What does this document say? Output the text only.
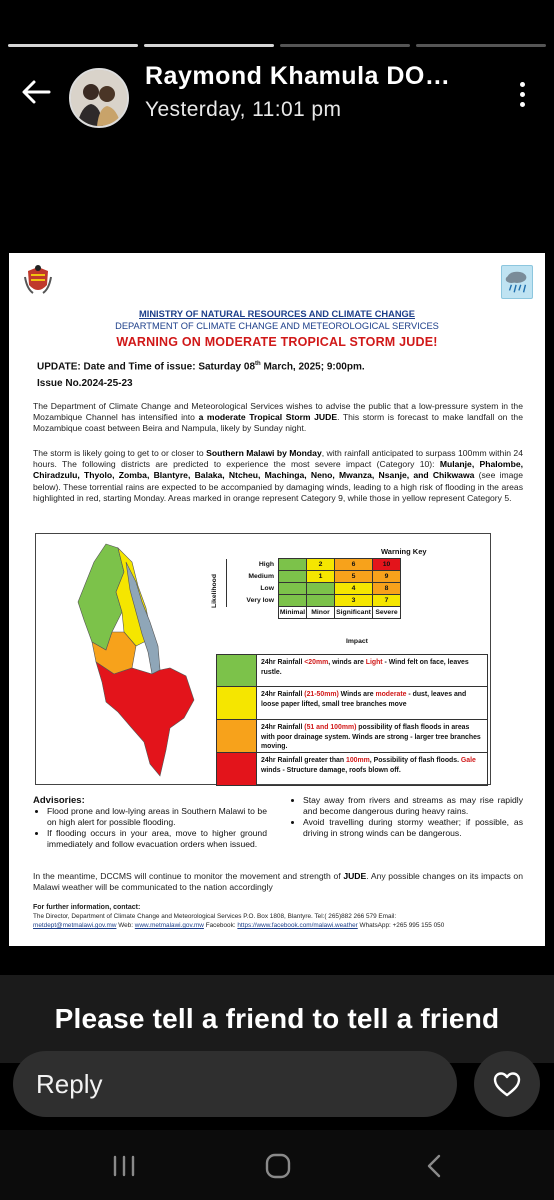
Raymond Khamula DO…
Yesterday, 11:01 pm
MINISTRY OF NATURAL RESOURCES AND CLIMATE CHANGE
DEPARTMENT OF CLIMATE CHANGE AND METEOROLOGICAL SERVICES
WARNING ON MODERATE TROPICAL STORM JUDE!
UPDATE: Date and Time of issue: Saturday 08th March, 2025; 9:00pm.
Issue No.2024-25-23
The Department of Climate Change and Meteorological Services wishes to advise the public that a low-pressure system in the Mozambique Channel has intensified into a moderate Tropical Storm JUDE. This storm is forecast to make landfall on the Mozambique coast between Beira and Nampula, likely by Sunday night.
The storm is likely going to get to or closer to Southern Malawi by Monday, with rainfall anticipated to surpass 100mm within 24 hours. The following districts are predicted to experience the most severe impact (Category 10): Mulanje, Phalombe, Chiradzulu, Thyolo, Zomba, Blantyre, Balaka, Ntcheu, Machinga, Neno, Mwanza, Nsanje, and Chikwawa (see image below). These torrential rains are expected to be accompanied by damaging winds, leading to a high risk of flooding in the areas highlighted in red, starting Monday. Areas marked in orange represent Category 9, while those in yellow represent Category 5.
Warning Key
Likelihood
High		2	6	10
Medium		1	5	9
Low			4	8
Very low			3	7
	Minimal	Minor	Significant	Severe
Impact
24hr Rainfall <20mm, winds are Light - Wind felt on face, leaves rustle.
24hr Rainfall (21-50mm) Winds are moderate - dust, leaves and loose paper lifted, small tree branches move
24hr Rainfall (51 and 100mm) possibility of flash floods in areas with poor drainage system. Winds are strong - larger tree branches moving.
24hr Rainfall greater than 100mm, Possibility of flash floods. Gale winds - Structure damage, roofs blown off.
Advisories:
• Flood prone and low-lying areas in Southern Malawi to be on high alert for possible flooding.
• If flooding occurs in your area, move to higher ground immediately and follow evacuation orders when issued.
• Stay away from rivers and streams as may rise rapidly and become dangerous during heavy rains.
• Avoid travelling during stormy weather; if possible, as driving in strong winds can be dangerous.
In the meantime, DCCMS will continue to monitor the movement and strength of JUDE. Any possible changes on its impacts on Malawi weather will be communicated to the nation accordingly
For further information, contact:
The Director, Department of Climate Change and Meteorological Services P.O. Box 1808, Blantyre. Tel:( 265)882 266 579 Email:
metdept@metmalawi.gov.mw Web: www.metmalawi.gov.mw Facebook: https://www.facebook.com/malawi.weather WhatsApp: +265 995 155 050
Please tell a friend to tell a friend
Reply
